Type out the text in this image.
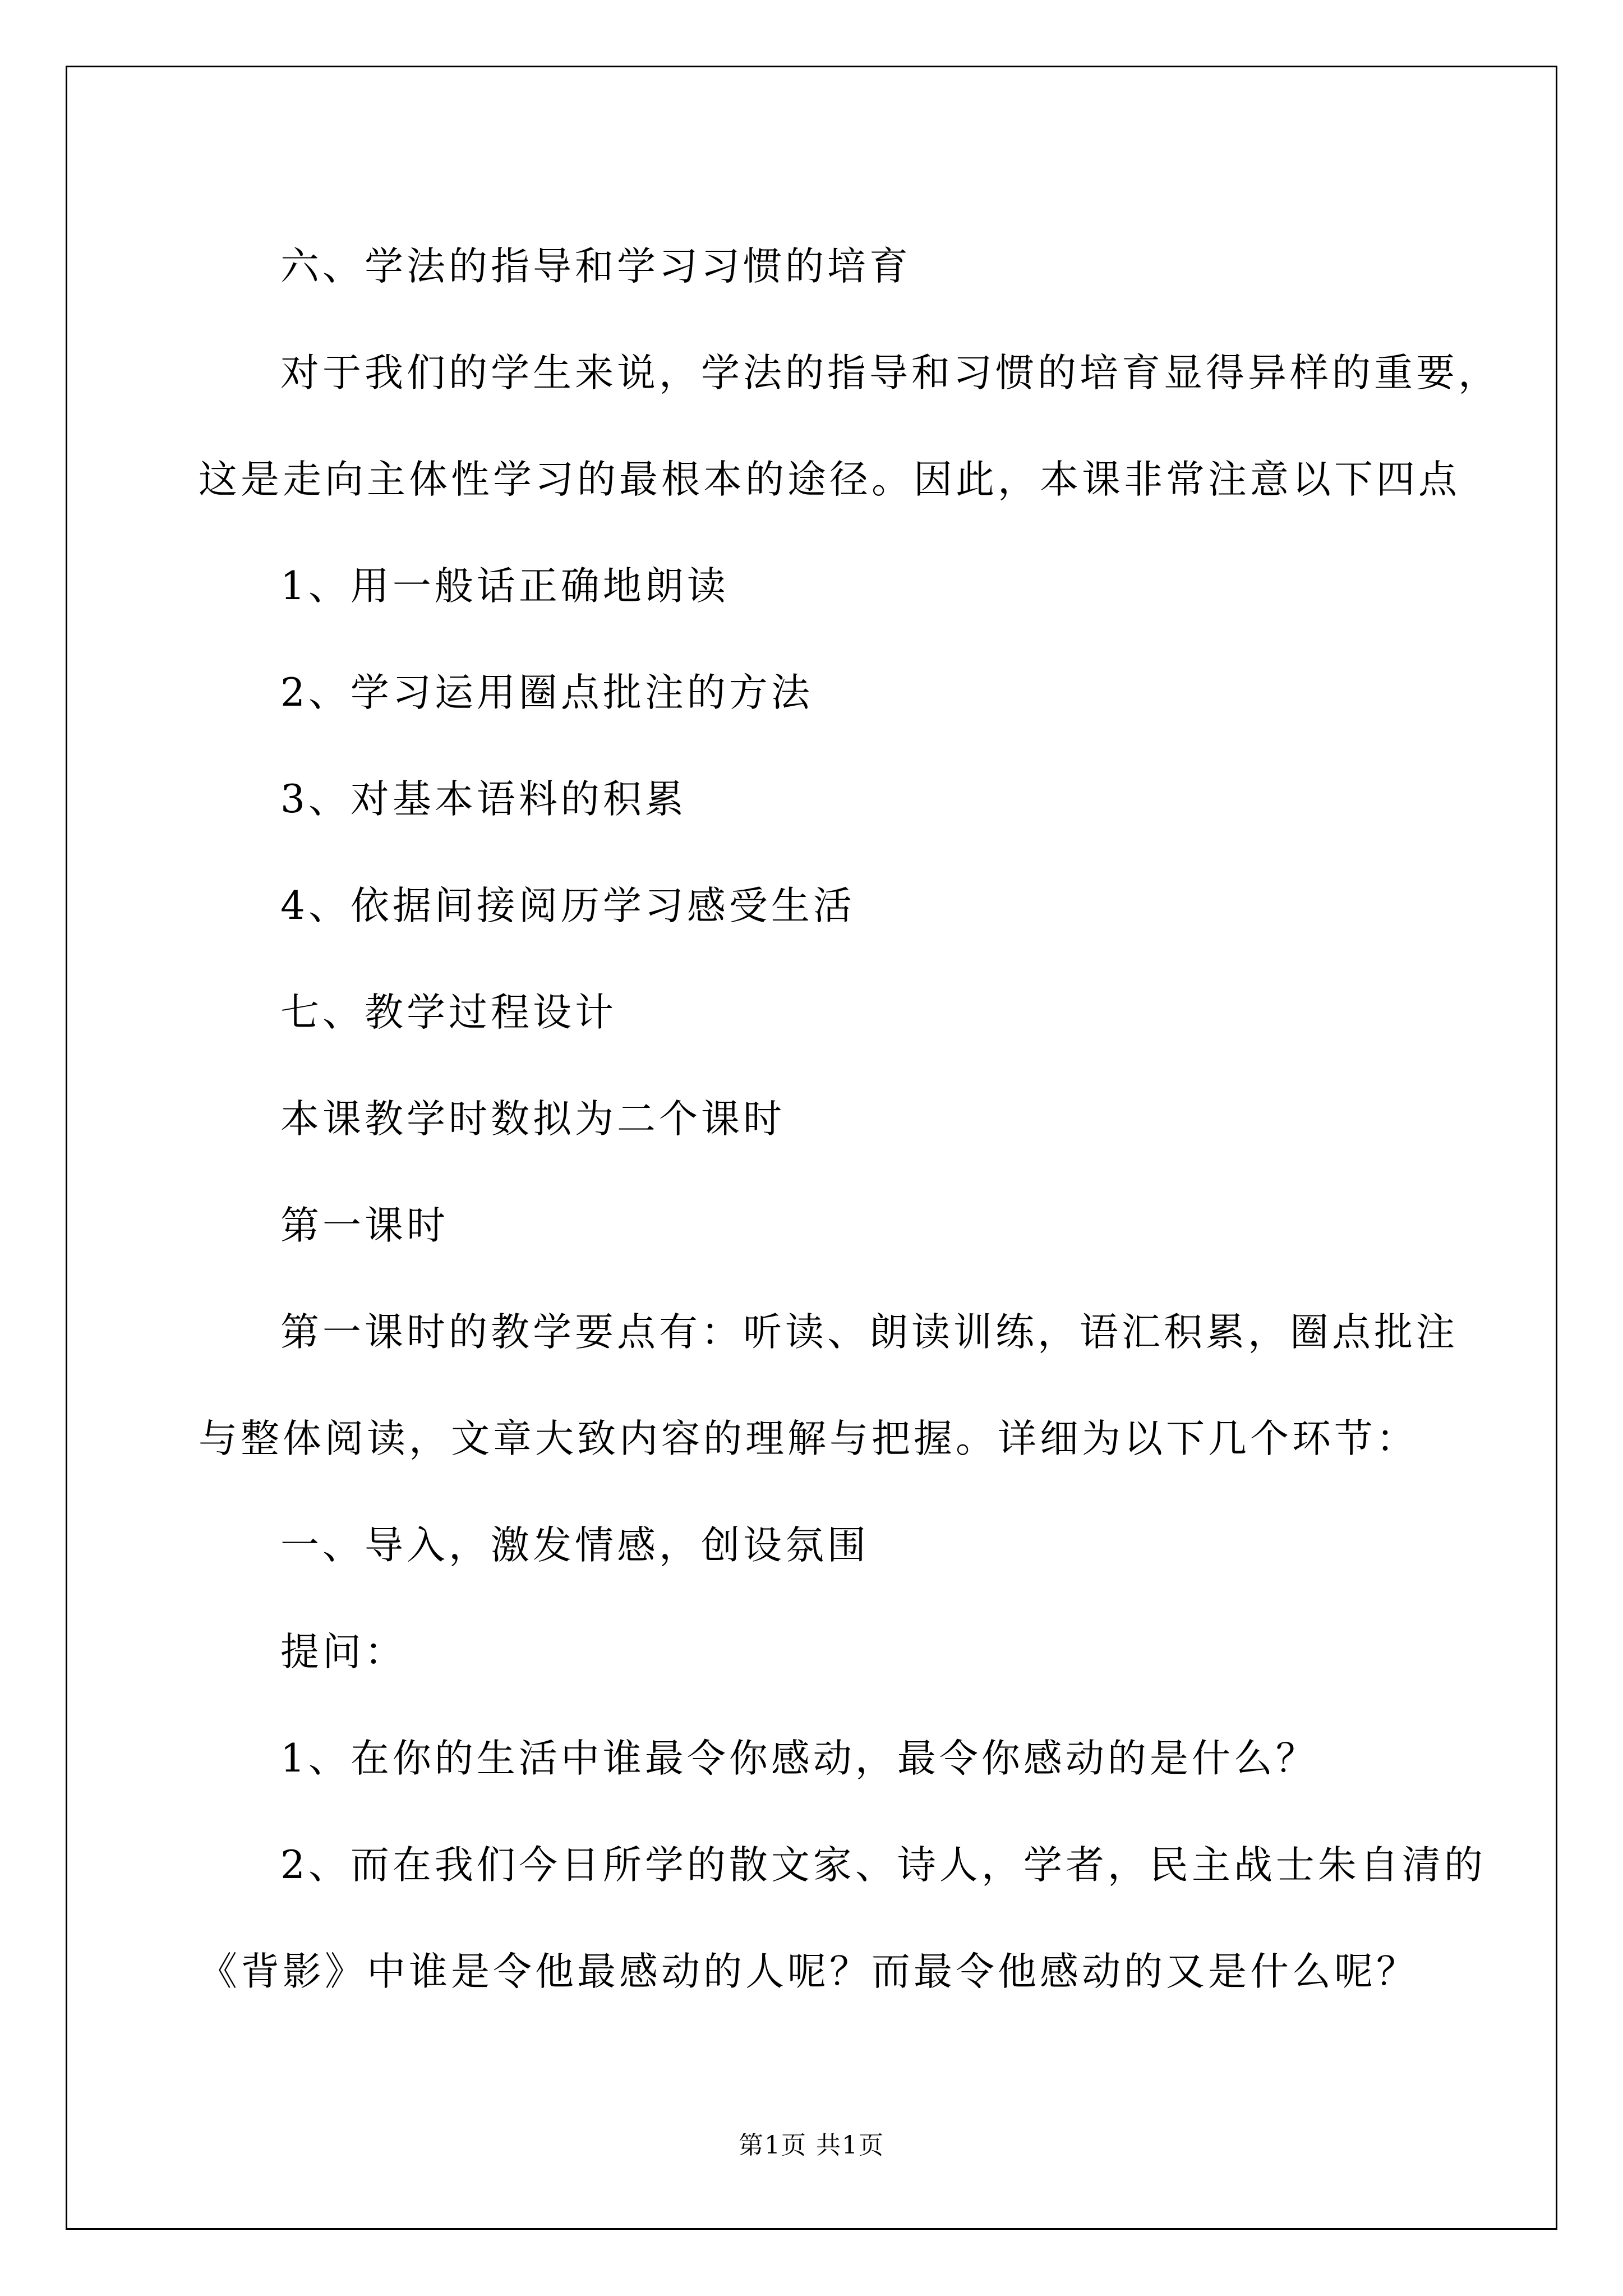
六、学法的指导和学习习惯的培育

对于我们的学生来说，学法的指导和习惯的培育显得异样的重要，

这是走向主体性学习的最根本的途径。因此，本课非常注意以下四点

1、用一般话正确地朗读

2、学习运用圈点批注的方法

3、对基本语料的积累

4、依据间接阅历学习感受生活

七、教学过程设计

本课教学时数拟为二个课时

第一课时

第一课时的教学要点有：听读、朗读训练，语汇积累，圈点批注

与整体阅读，文章大致内容的理解与把握。详细为以下几个环节：

一、导入，激发情感，创设氛围

提问：

1、在你的生活中谁最令你感动，最令你感动的是什么？

2、而在我们今日所学的散文家、诗人，学者，民主战士朱自清的

《背影》中谁是令他最感动的人呢？而最令他感动的又是什么呢？

第1页 共1页
